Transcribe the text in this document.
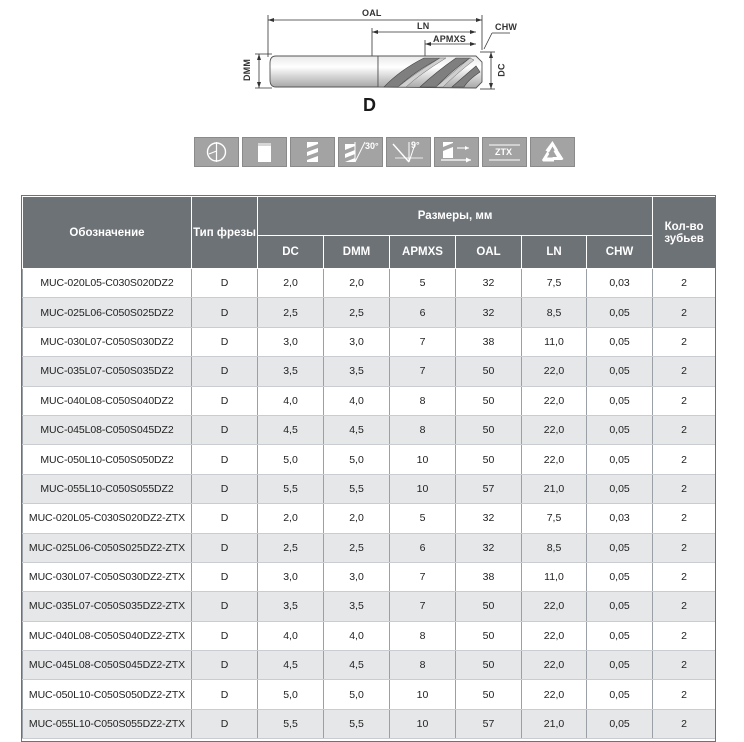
OAL
LN	CHW
APMXS
DMM	DC
D
30°	9°
ZTX
Обозначение	Тип фрезы	Размеры, мм						Кол-во зубьев
		DC	DMM	APMXS	OAL	LN	CHW	
MUC-020L05-C030S020DZ2	D	2,0	2,0	5	32	7,5	0,03	2
MUC-025L06-C050S025DZ2	D	2,5	2,5	6	32	8,5	0,05	2
MUC-030L07-C050S030DZ2	D	3,0	3,0	7	38	11,0	0,05	2
MUC-035L07-C050S035DZ2	D	3,5	3,5	7	50	22,0	0,05	2
MUC-040L08-C050S040DZ2	D	4,0	4,0	8	50	22,0	0,05	2
MUC-045L08-C050S045DZ2	D	4,5	4,5	8	50	22,0	0,05	2
MUC-050L10-C050S050DZ2	D	5,0	5,0	10	50	22,0	0,05	2
MUC-055L10-C050S055DZ2	D	5,5	5,5	10	57	21,0	0,05	2
MUC-020L05-C030S020DZ2-ZTX	D	2,0	2,0	5	32	7,5	0,03	2
MUC-025L06-C050S025DZ2-ZTX	D	2,5	2,5	6	32	8,5	0,05	2
MUC-030L07-C050S030DZ2-ZTX	D	3,0	3,0	7	38	11,0	0,05	2
MUC-035L07-C050S035DZ2-ZTX	D	3,5	3,5	7	50	22,0	0,05	2
MUC-040L08-C050S040DZ2-ZTX	D	4,0	4,0	8	50	22,0	0,05	2
MUC-045L08-C050S045DZ2-ZTX	D	4,5	4,5	8	50	22,0	0,05	2
MUC-050L10-C050S050DZ2-ZTX	D	5,0	5,0	10	50	22,0	0,05	2
MUC-055L10-C050S055DZ2-ZTX	D	5,5	5,5	10	57	21,0	0,05	2
